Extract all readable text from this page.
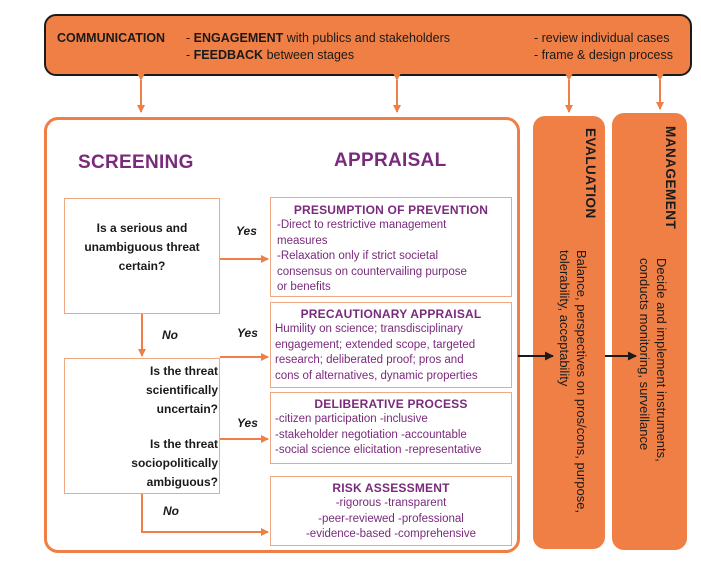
COMMUNICATION - ENGAGEMENT with publics and stakeholders
- FEEDBACK between stages
- review individual cases
- frame & design process
SCREENING	APPRAISAL
Is a serious and
unambiguous threat
certain?
Is the threat
scientifically
uncertain?
Is the threat
sociopolitically
ambiguous?
Yes
No	Yes
Yes
No
PRESUMPTION OF PREVENTION
-Direct to restrictive management
measures
-Relaxation only if strict societal
consensus on countervailing purpose
or benefits
PRECAUTIONARY APPRAISAL
Humility on science; transdisciplinary
engagement; extended scope, targeted
research; deliberated proof; pros and
cons of alternatives, dynamic properties
DELIBERATIVE PROCESS
-citizen participation -inclusive
-stakeholder negotiation -accountable
-social science elicitation -representative
RISK ASSESSMENT
-rigorous -transparent
-peer-reviewed -professional
-evidence-based -comprehensive
EVALUATION
Balance, perspectives on pros/cons, purpose,
tolerability, acceptability
MANAGEMENT
Decide and implement instruments,
conducts monitoring, surveillance
